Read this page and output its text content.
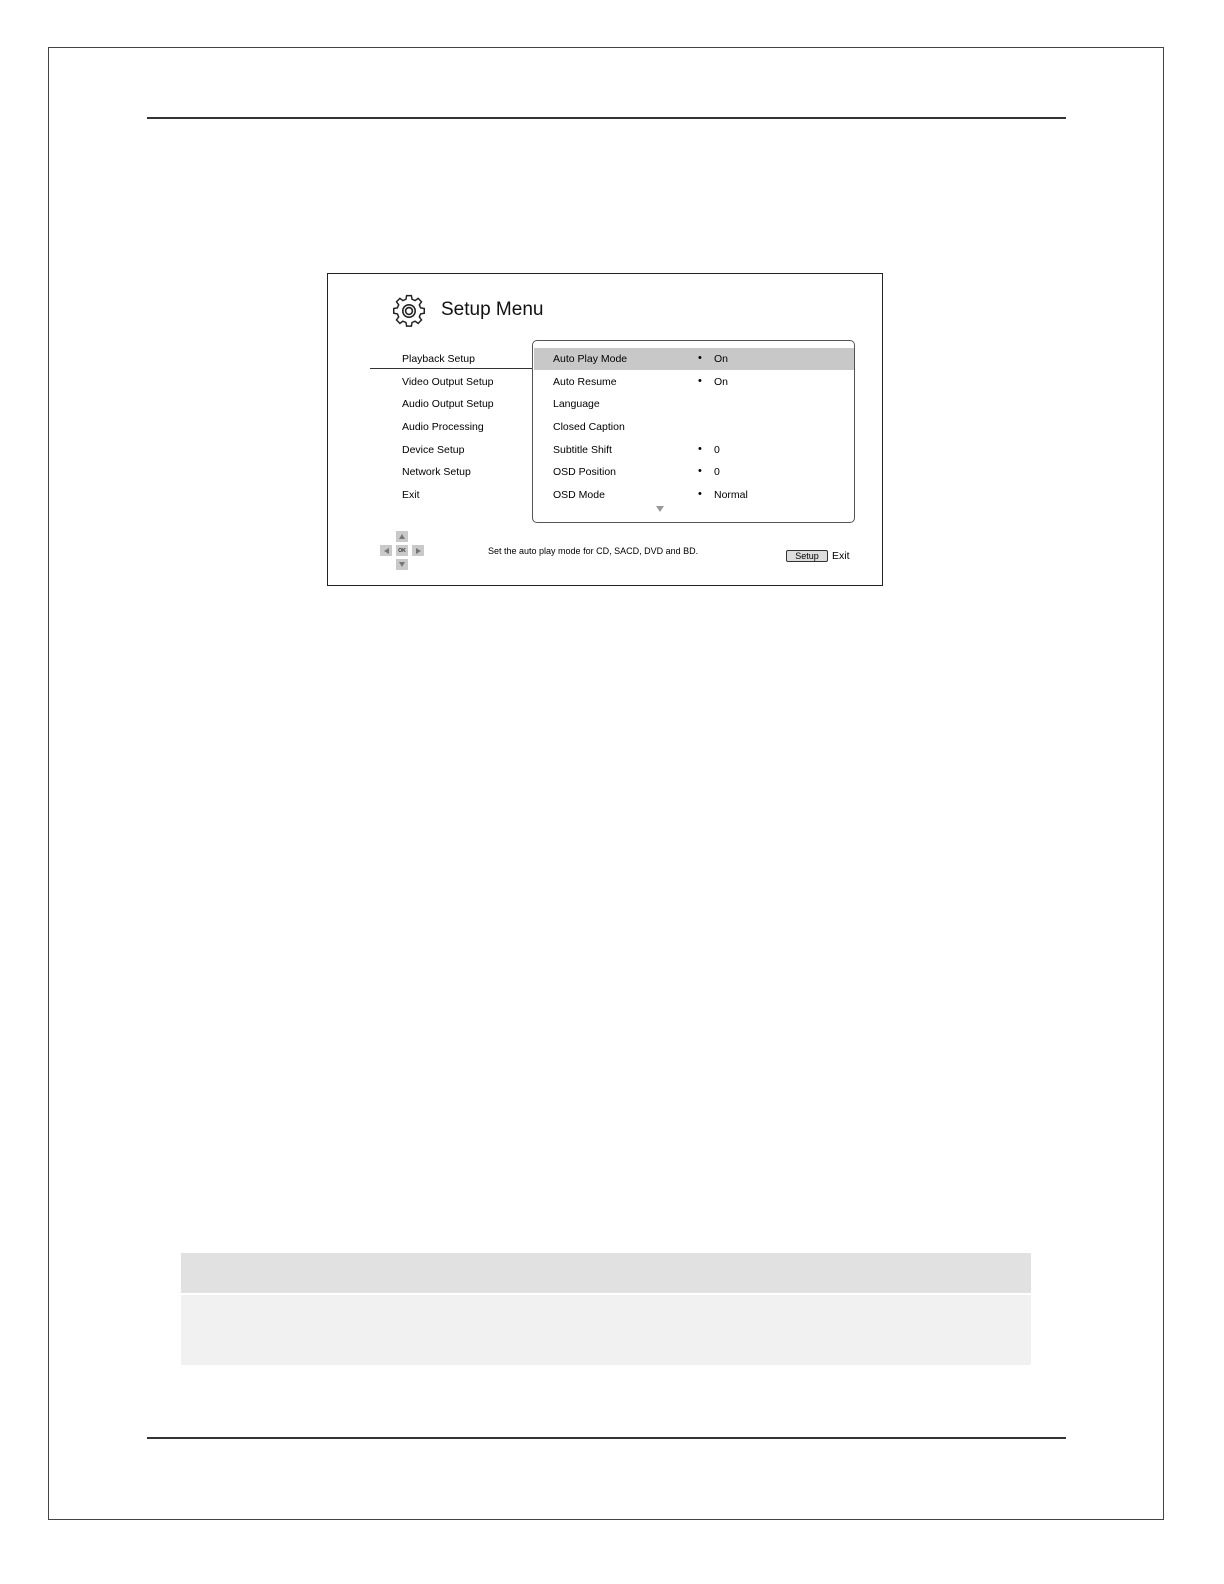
Setup Menu
Playback Setup
Video Output Setup
Audio Output Setup
Audio Processing
Device Setup
Network Setup
Exit
Auto Play Mode	• On
Auto Resume	• On
Language
Closed Caption
Subtitle Shift	• 0
OSD Position	• 0
OSD Mode	• Normal
OK	Set the auto play mode for CD, SACD, DVD and BD.	Setup	Exit
